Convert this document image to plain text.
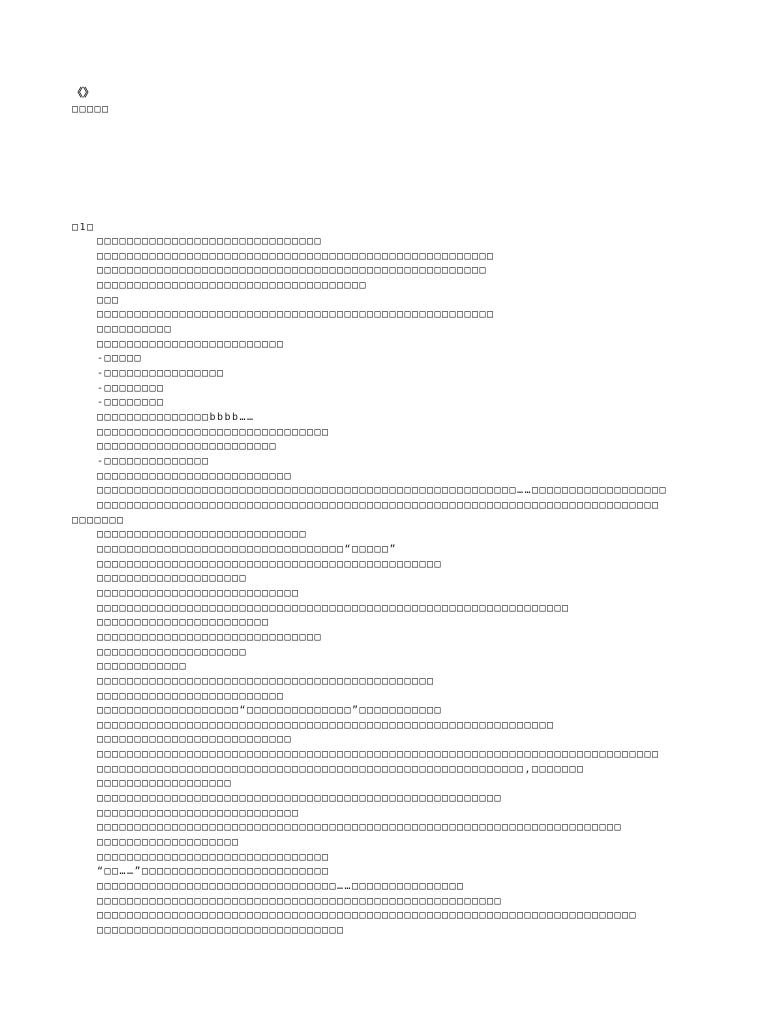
《》
□□□□□
□1□
□□□□□□□□□□□□□□□□□□□□□□□□□□□□□□
□□□□□□□□□□□□□□□□□□□□□□□□□□□□□□□□□□□□□□□□□□□□□□□□□□□□□
□□□□□□□□□□□□□□□□□□□□□□□□□□□□□□□□□□□□□□□□□□□□□□□□□□□□
□□□□□□□□□□□□□□□□□□□□□□□□□□□□□□□□□□□□
□□□
□□□□□□□□□□□□□□□□□□□□□□□□□□□□□□□□□□□□□□□□□□□□□□□□□□□□□
□□□□□□□□□□
□□□□□□□□□□□□□□□□□□□□□□□□□
-□□□□□
-□□□□□□□□□□□□□□□□
-□□□□□□□□
-□□□□□□□□
□□□□□□□□□□□□□□□bbbb……
□□□□□□□□□□□□□□□□□□□□□□□□□□□□□□□
□□□□□□□□□□□□□□□□□□□□□□□□
-□□□□□□□□□□□□□□
□□□□□□□□□□□□□□□□□□□□□□□□□□
□□□□□□□□□□□□□□□□□□□□□□□□□□□□□□□□□□□□□□□□□□□□□□□□□□□□□□□□……□□□□□□□□□□□□□□□□□□
□□□□□□□□□□□□□□□□□□□□□□□□□□□□□□□□□□□□□□□□□□□□□□□□□□□□□□□□□□□□□□□□□□□□□□□□□□□
□□□□□□□
□□□□□□□□□□□□□□□□□□□□□□□□□□□□
□□□□□□□□□□□□□□□□□□□□□□□□□□□□□□□□□“□□□□□”
□□□□□□□□□□□□□□□□□□□□□□□□□□□□□□□□□□□□□□□□□□□□□□
□□□□□□□□□□□□□□□□□□□□
□□□□□□□□□□□□□□□□□□□□□□□□□□□
□□□□□□□□□□□□□□□□□□□□□□□□□□□□□□□□□□□□□□□□□□□□□□□□□□□□□□□□□□□□□□□
□□□□□□□□□□□□□□□□□□□□□□□
□□□□□□□□□□□□□□□□□□□□□□□□□□□□□□
□□□□□□□□□□□□□□□□□□□□
□□□□□□□□□□□□
□□□□□□□□□□□□□□□□□□□□□□□□□□□□□□□□□□□□□□□□□□□□□
□□□□□□□□□□□□□□□□□□□□□□□□□
□□□□□□□□□□□□□□□□□□□“□□□□□□□□□□□□□□”□□□□□□□□□□□
□□□□□□□□□□□□□□□□□□□□□□□□□□□□□□□□□□□□□□□□□□□□□□□□□□□□□□□□□□□□□
□□□□□□□□□□□□□□□□□□□□□□□□□□
□□□□□□□□□□□□□□□□□□□□□□□□□□□□□□□□□□□□□□□□□□□□□□□□□□□□□□□□□□□□□□□□□□□□□□□□□□□
□□□□□□□□□□□□□□□□□□□□□□□□□□□□□□□□□□□□□□□□□□□□□□□□□□□□□□□□□,□□□□□□□
□□□□□□□□□□□□□□□□□□
□□□□□□□□□□□□□□□□□□□□□□□□□□□□□□□□□□□□□□□□□□□□□□□□□□□□□□
□□□□□□□□□□□□□□□□□□□□□□□□□□□
□□□□□□□□□□□□□□□□□□□□□□□□□□□□□□□□□□□□□□□□□□□□□□□□□□□□□□□□□□□□□□□□□□□□□□
□□□□□□□□□□□□□□□□□□□
□□□□□□□□□□□□□□□□□□□□□□□□□□□□□□□
“□□……”□□□□□□□□□□□□□□□□□□□□□□□□□
□□□□□□□□□□□□□□□□□□□□□□□□□□□□□□□□……□□□□□□□□□□□□□□□
□□□□□□□□□□□□□□□□□□□□□□□□□□□□□□□□□□□□□□□□□□□□□□□□□□□□□□
□□□□□□□□□□□□□□□□□□□□□□□□□□□□□□□□□□□□□□□□□□□□□□□□□□□□□□□□□□□□□□□□□□□□□□□□
□□□□□□□□□□□□□□□□□□□□□□□□□□□□□□□□□
